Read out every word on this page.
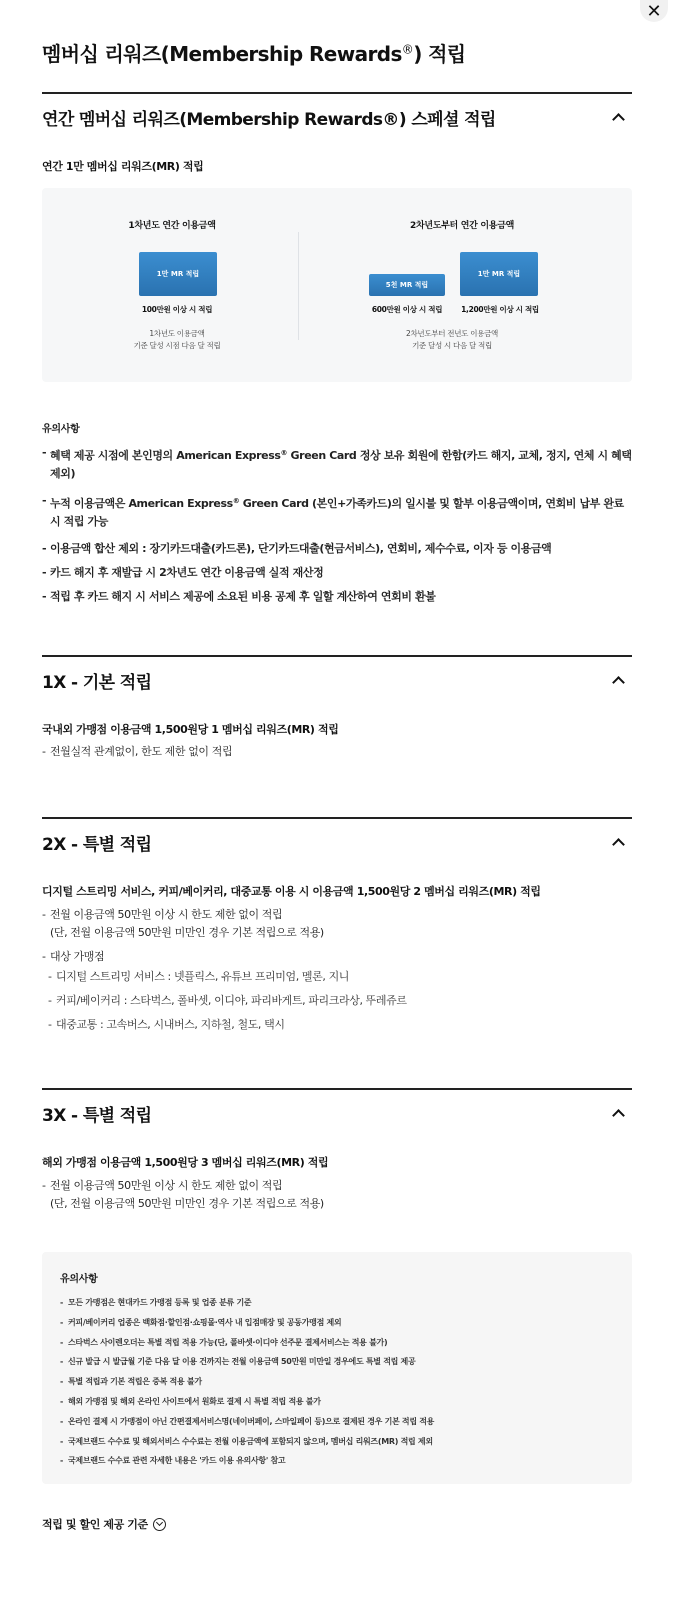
✕
멤버십 리워즈(Membership Rewards®) 적립
연간 멤버십 리워즈(Membership Rewards®) 스페셜 적립
연간 1만 멤버십 리워즈(MR) 적립
1차년도 연간 이용금액
1만 MR 적립
100만원 이상 시 적립
1차년도 이용금액
기준 달성 시점 다음 달 적립
2차년도부터 연간 이용금액
5천 MR 적립
600만원 이상 시 적립
1만 MR 적립
1,200만원 이상 시 적립
2차년도부터 전년도 이용금액
기준 달성 시 다음 달 적립
유의사항
- 혜택 제공 시점에 본인명의 American Express® Green Card 정상 보유 회원에 한함(카드 해지, 교체, 정지, 연체 시 혜택 제외)
- 누적 이용금액은 American Express® Green Card (본인+가족카드)의 일시불 및 할부 이용금액이며, 연회비 납부 완료 시 적립 가능
- 이용금액 합산 제외 : 장기카드대출(카드론), 단기카드대출(현금서비스), 연회비, 제수수료, 이자 등 이용금액
- 카드 해지 후 재발급 시 2차년도 연간 이용금액 실적 재산정
- 적립 후 카드 해지 시 서비스 제공에 소요된 비용 공제 후 일할 계산하여 연회비 환불
1X - 기본 적립
국내외 가맹점 이용금액 1,500원당 1 멤버십 리워즈(MR) 적립
- 전월실적 관계없이, 한도 제한 없이 적립
2X - 특별 적립
디지털 스트리밍 서비스, 커피/베이커리, 대중교통 이용 시 이용금액 1,500원당 2 멤버십 리워즈(MR) 적립
- 전월 이용금액 50만원 이상 시 한도 제한 없이 적립
(단, 전월 이용금액 50만원 미만인 경우 기본 적립으로 적용)
- 대상 가맹점
- 디지털 스트리밍 서비스 : 넷플릭스, 유튜브 프리미엄, 멜론, 지니
- 커피/베이커리 : 스타벅스, 폴바셋, 이디야, 파리바게트, 파리크라상, 뚜레쥬르
- 대중교통 : 고속버스, 시내버스, 지하철, 철도, 택시
3X - 특별 적립
해외 가맹점 이용금액 1,500원당 3 멤버십 리워즈(MR) 적립
- 전월 이용금액 50만원 이상 시 한도 제한 없이 적립
(단, 전월 이용금액 50만원 미만인 경우 기본 적립으로 적용)
유의사항
- 모든 가맹점은 현대카드 가맹점 등록 및 업종 분류 기준
- 커피/베이커리 업종은 백화점·할인점·쇼핑몰·역사 내 입점매장 및 공동가맹점 제외
- 스타벅스 사이렌오더는 특별 적립 적용 가능(단, 폴바셋·이디야 선주문 결제서비스는 적용 불가)
- 신규 발급 시 발급월 기준 다음 달 이용 건까지는 전월 이용금액 50만원 미만일 경우에도 특별 적립 제공
- 특별 적립과 기본 적립은 중복 적용 불가
- 해외 가맹점 및 해외 온라인 사이트에서 원화로 결제 시 특별 적립 적용 불가
- 온라인 결제 시 가맹점이 아닌 간편결제서비스명(네이버페이, 스마일페이 등)으로 결제된 경우 기본 적립 적용
- 국제브랜드 수수료 및 해외서비스 수수료는 전월 이용금액에 포함되지 않으며, 멤버십 리워즈(MR) 적립 제외
- 국제브랜드 수수료 관련 자세한 내용은 '카드 이용 유의사항' 참고
적립 및 할인 제공 기준
